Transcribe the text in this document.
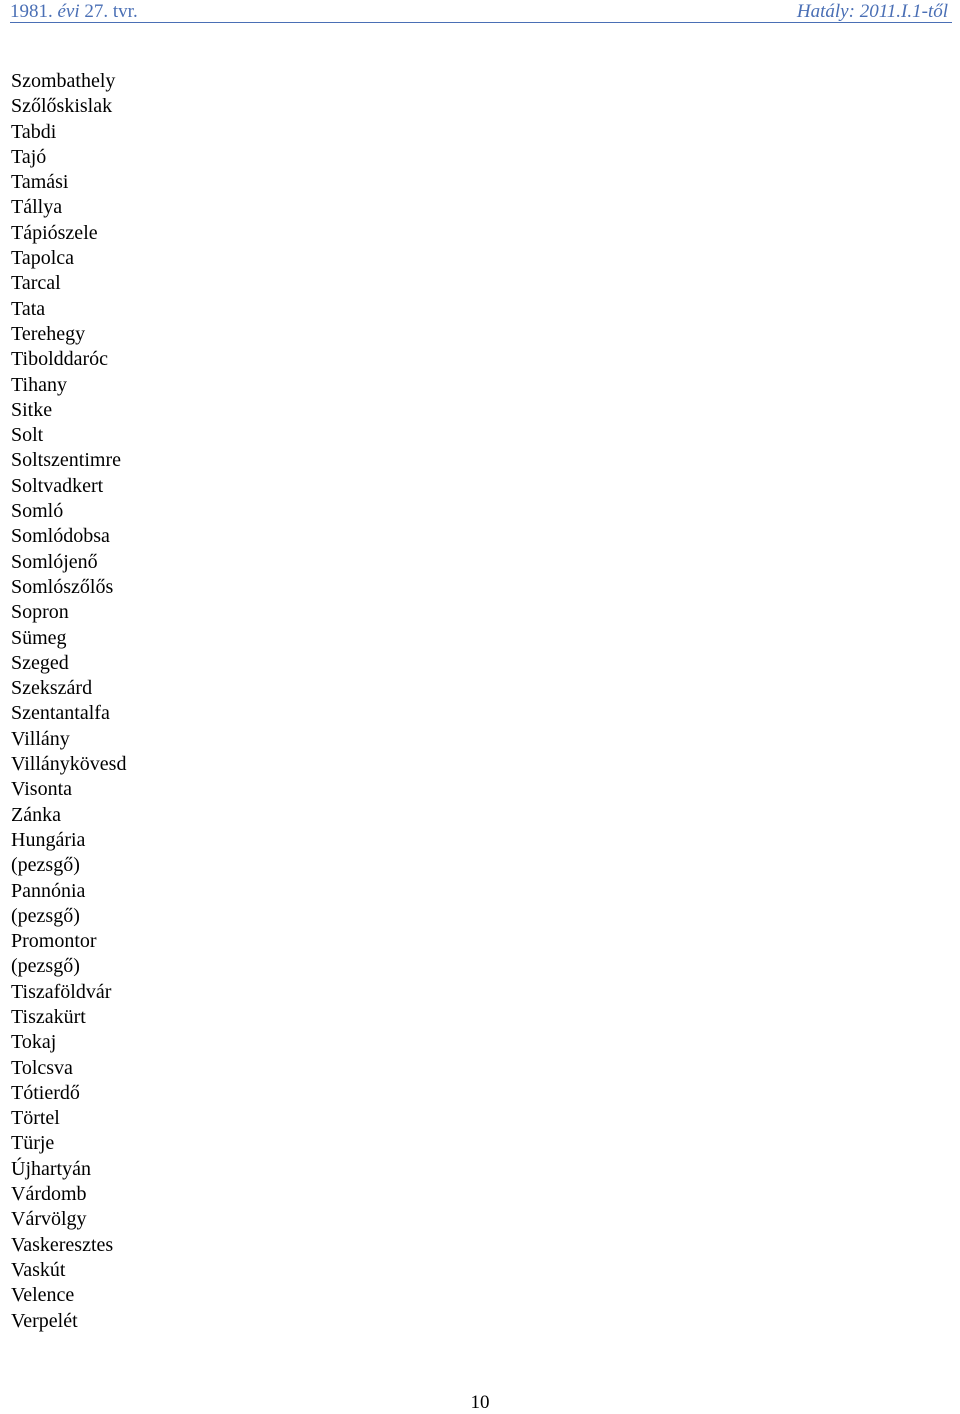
1981. évi 27. tvr.	Hatály: 2011.I.1-től
Szombathely
Szőlőskislak
Tabdi
Tajó
Tamási
Tállya
Tápiószele
Tapolca
Tarcal
Tata
Terehegy
Tibolddaróc
Tihany
Sitke
Solt
Soltszentimre
Soltvadkert
Somló
Somlódobsa
Somlójenő
Somlószőlős
Sopron
Sümeg
Szeged
Szekszárd
Szentantalfa
Villány
Villánykövesd
Visonta
Zánka
Hungária
(pezsgő)
Pannónia
(pezsgő)
Promontor
(pezsgő)
Tiszaföldvár
Tiszakürt
Tokaj
Tolcsva
Tótierdő
Törtel
Türje
Újhartyán
Várdomb
Várvölgy
Vaskeresztes
Vaskút
Velence
Verpelét
10
